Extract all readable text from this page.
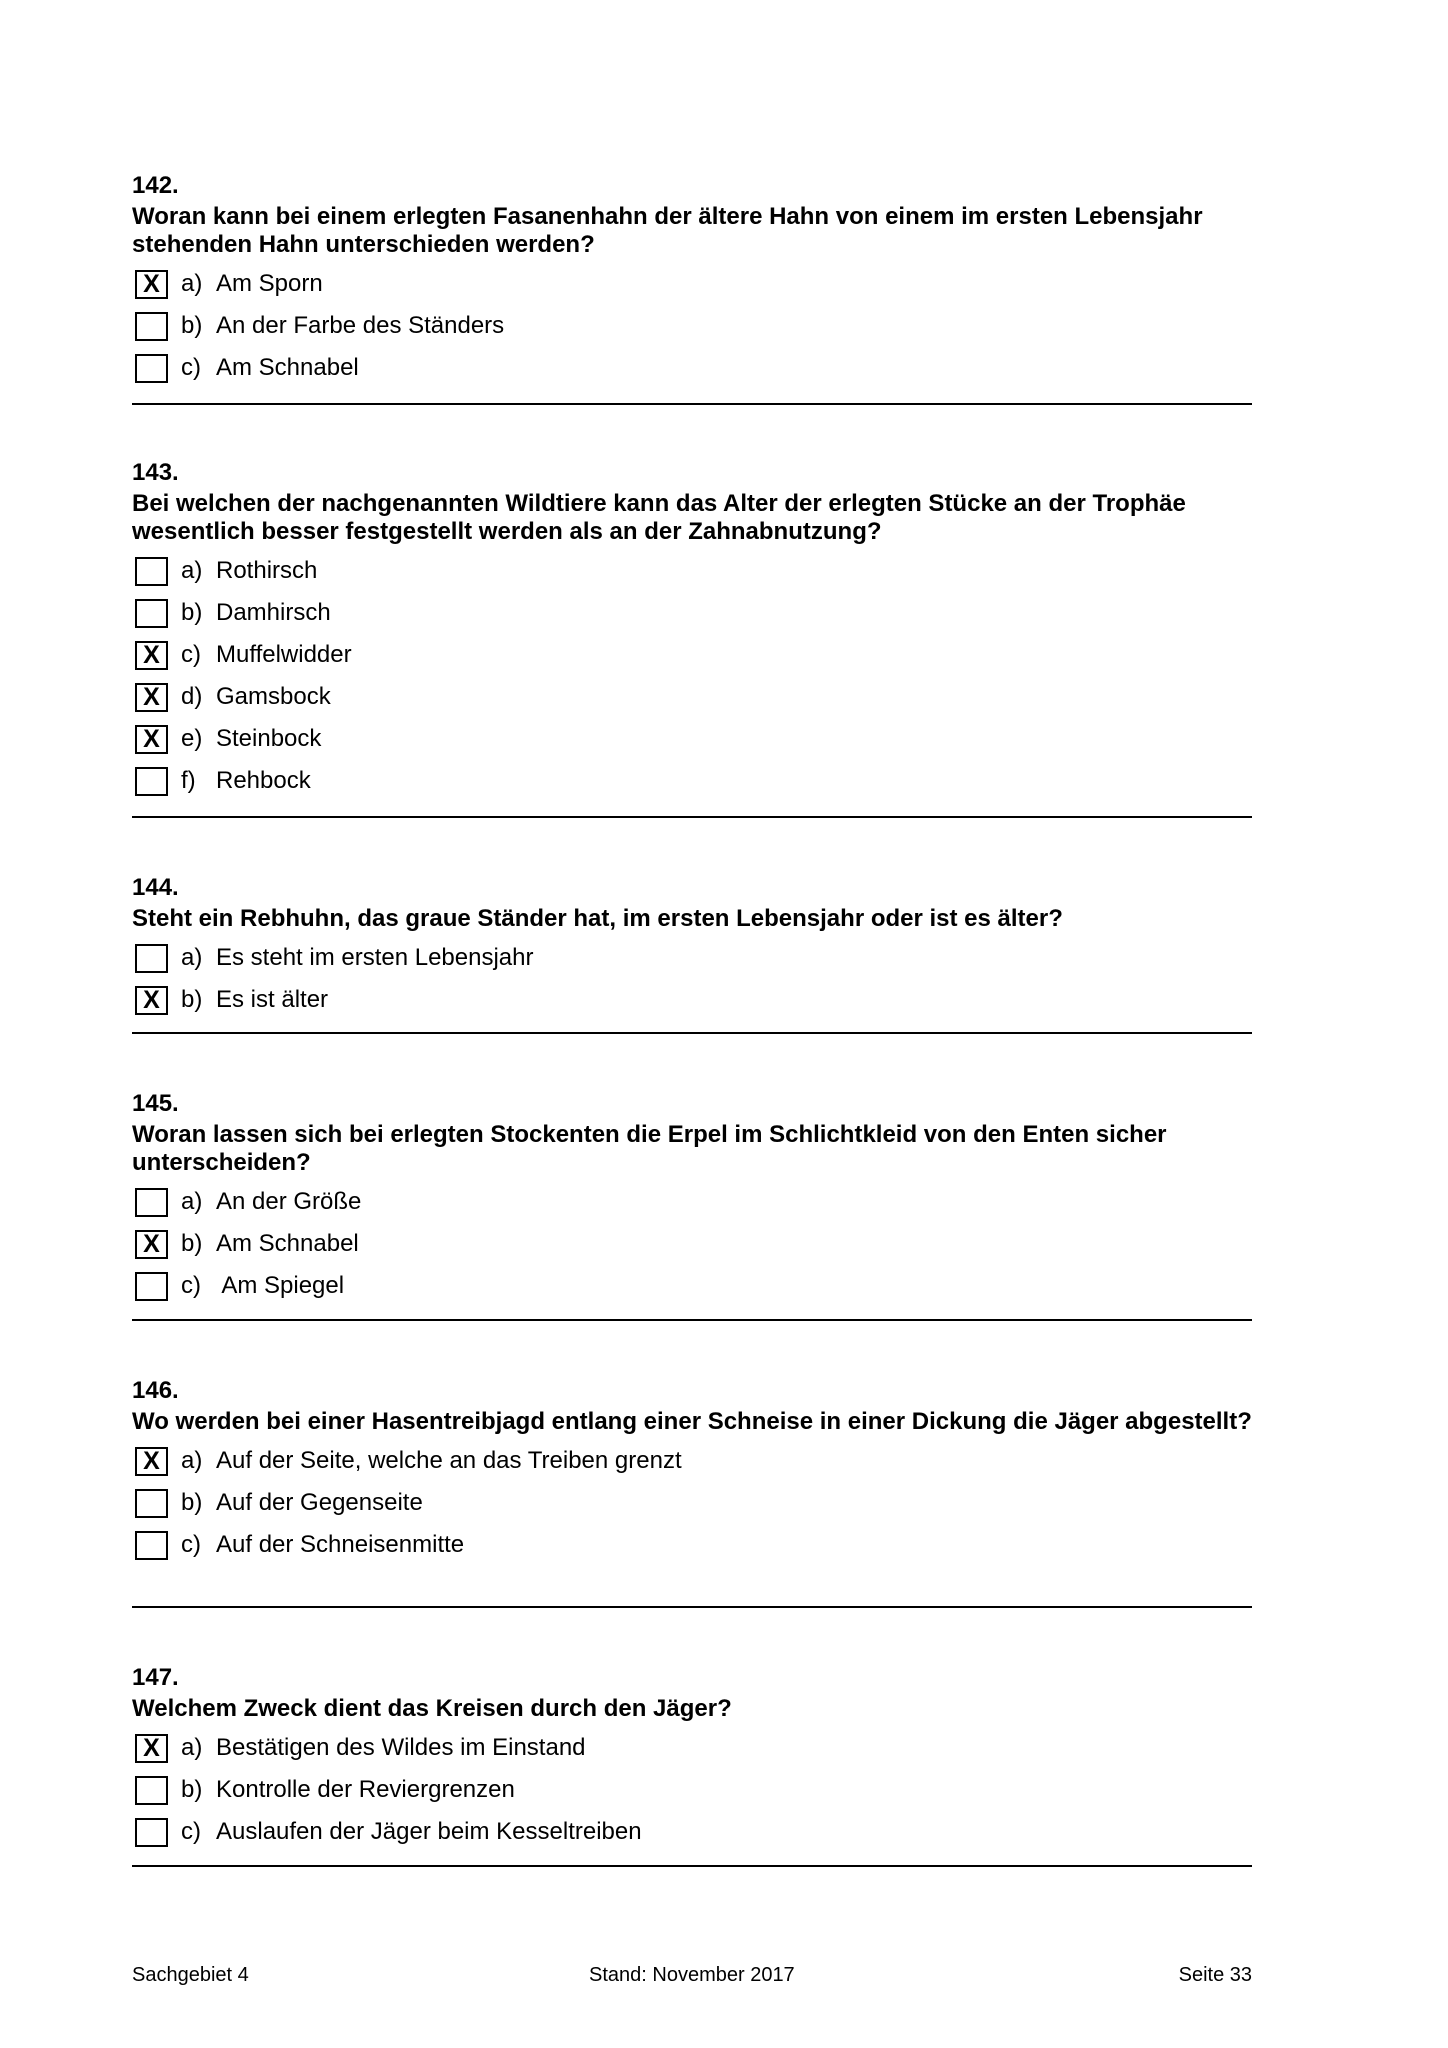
142.
Woran kann bei einem erlegten Fasanenhahn der ältere Hahn von einem im ersten Lebensjahr stehenden Hahn unterschieden werden?
X a) Am Sporn
b) An der Farbe des Ständers
c) Am Schnabel
143.
Bei welchen der nachgenannten Wildtiere kann das Alter der erlegten Stücke an der Trophäe wesentlich besser festgestellt werden als an der Zahnabnutzung?
a) Rothirsch
b) Damhirsch
X c) Muffelwidder
X d) Gamsbock
X e) Steinbock
f) Rehbock
144.
Steht ein Rebhuhn, das graue Ständer hat, im ersten Lebensjahr oder ist es älter?
a) Es steht im ersten Lebensjahr
X b) Es ist älter
145.
Woran lassen sich bei erlegten Stockenten die Erpel im Schlichtkleid von den Enten sicher unterscheiden?
a) An der Größe
X b) Am Schnabel
c) Am Spiegel
146.
Wo werden bei einer Hasentreibjagd entlang einer Schneise in einer Dickung die Jäger abgestellt?
X a) Auf der Seite, welche an das Treiben grenzt
b) Auf der Gegenseite
c) Auf der Schneisenmitte
147.
Welchem Zweck dient das Kreisen durch den Jäger?
X a) Bestätigen des Wildes im Einstand
b) Kontrolle der Reviergrenzen
c) Auslaufen der Jäger beim Kesseltreiben
Sachgebiet 4	Stand: November 2017	Seite 33
